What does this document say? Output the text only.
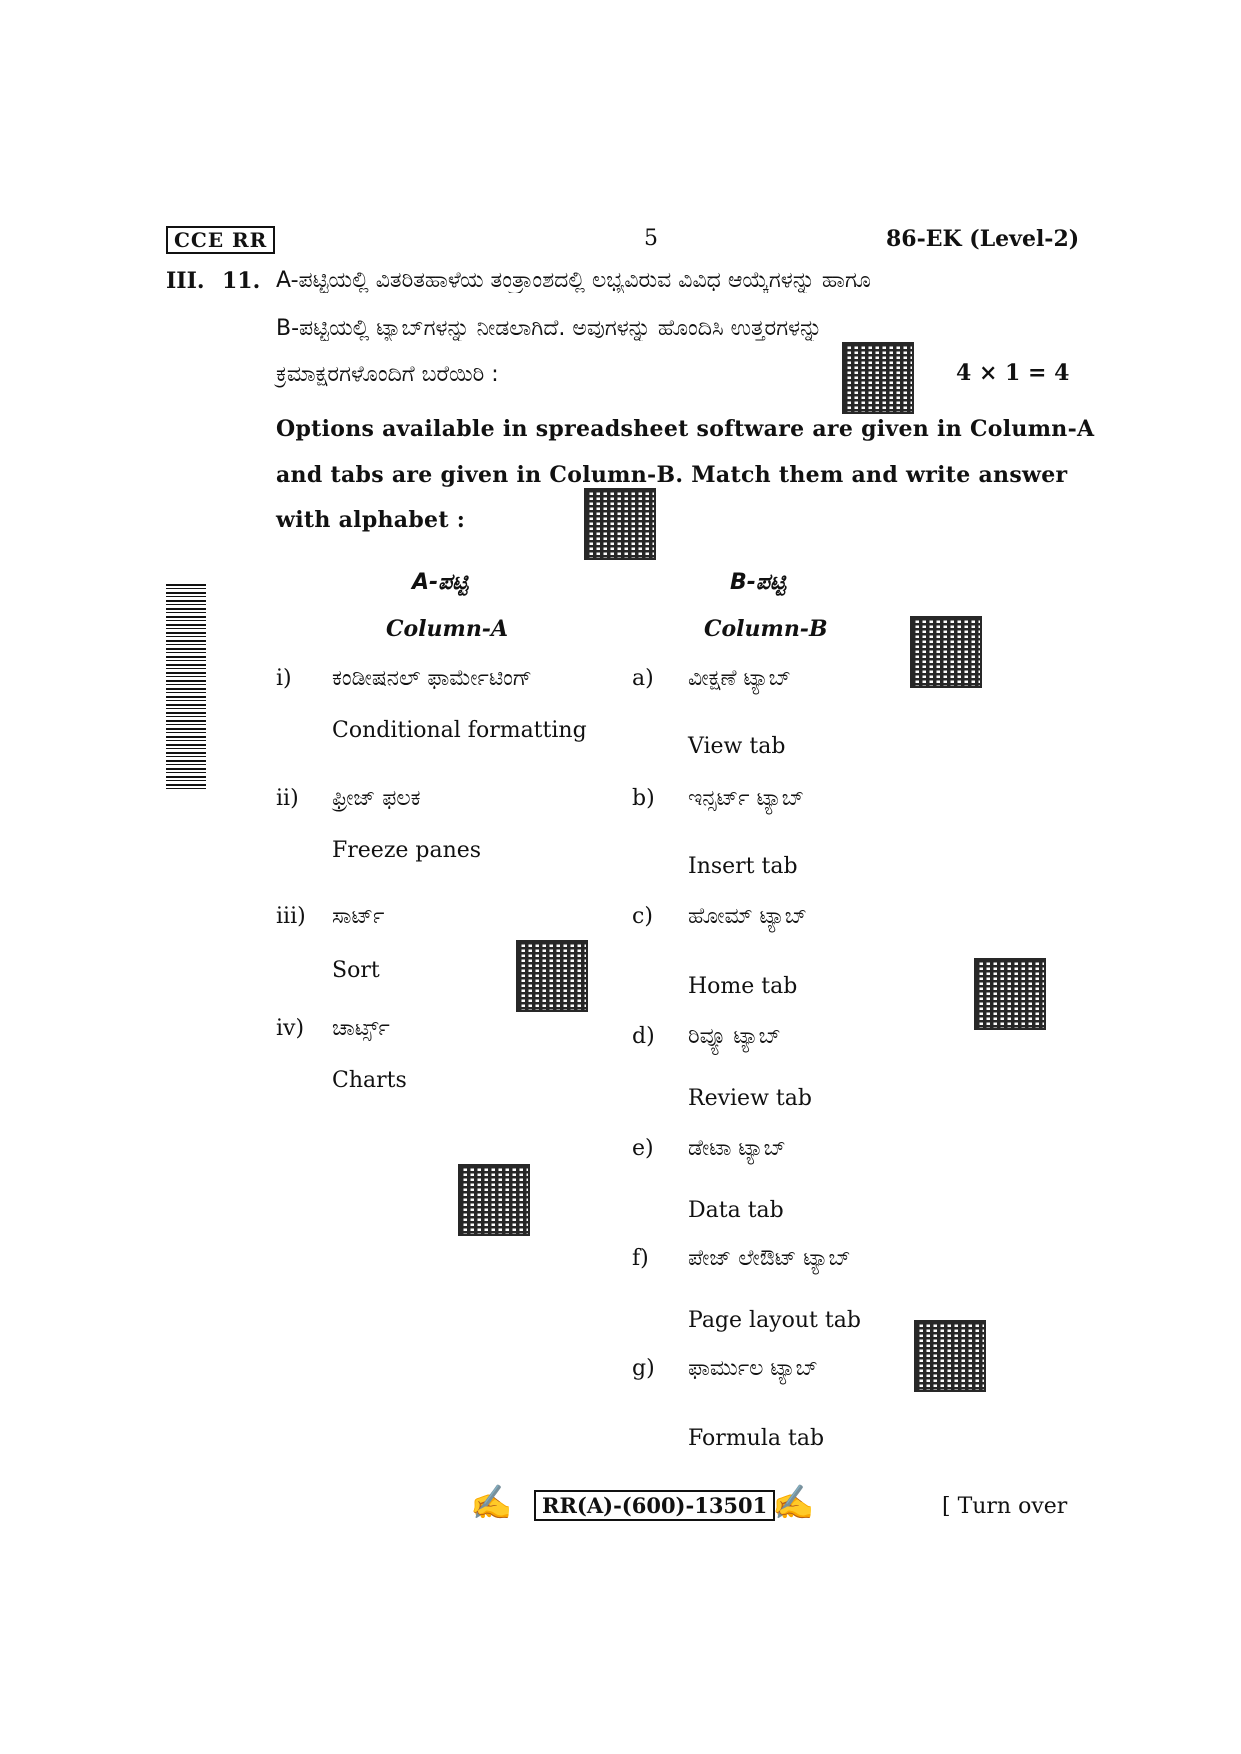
CCE RR	5	86-EK (Level-2)
III. 11. A-ಪಟ್ಟಿಯಲ್ಲಿ ವಿತರಿತಹಾಳೆಯ ತಂತ್ರಾಂಶದಲ್ಲಿ ಲಭ್ಯವಿರುವ ವಿವಿಧ ಆಯ್ಕೆಗಳನ್ನು ಹಾಗೂ
B-ಪಟ್ಟಿಯಲ್ಲಿ ಟ್ಯಾಬ್‌ಗಳನ್ನು ನೀಡಲಾಗಿದೆ. ಅವುಗಳನ್ನು ಹೊಂದಿಸಿ ಉತ್ತರಗಳನ್ನು
ಕ್ರಮಾಕ್ಷರಗಳೊಂದಿಗೆ ಬರೆಯಿರಿ :	4 × 1 = 4
Options available in spreadsheet software are given in Column-A
and tabs are given in Column-B. Match them and write answer
with alphabet :
A-ಪಟ್ಟಿ
Column-A
B-ಪಟ್ಟಿ
Column-B
i) ಕಂಡೀಷನಲ್ ಫಾರ್ಮೇಟಿಂಗ್
Conditional formatting
ii) ಫ್ರೀಜ್ ಫಲಕ
Freeze panes
iii) ಸಾರ್ಟ್
Sort
iv) ಚಾರ್ಟ್ಸ್
Charts
a) ವೀಕ್ಷಣೆ ಟ್ಯಾಬ್
View tab
b) ಇನ್ಸರ್ಟ್ ಟ್ಯಾಬ್
Insert tab
c) ಹೋಮ್ ಟ್ಯಾಬ್
Home tab
d) ರಿವ್ಯೂ ಟ್ಯಾಬ್
Review tab
e) ಡೇಟಾ ಟ್ಯಾಬ್
Data tab
f) ಪೇಜ್ ಲೇಔಟ್ ಟ್ಯಾಬ್
Page layout tab
g) ಫಾರ್ಮುಲ ಟ್ಯಾಬ್
Formula tab
✍	RR(A)-(600)-13501 ✍	[ Turn over
